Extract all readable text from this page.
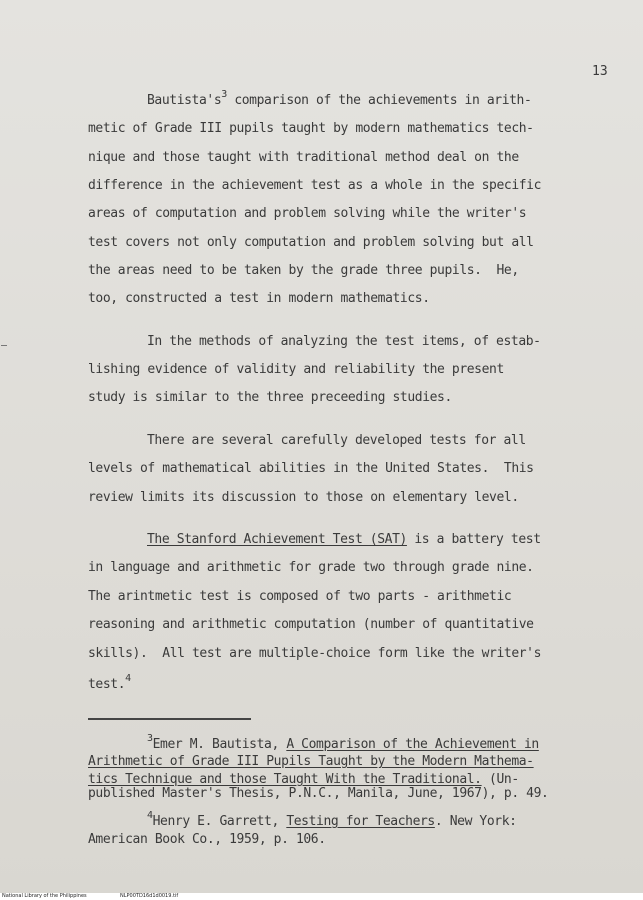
13
$Bautista's^3$ comparison of the achievements in arith-
metic of Grade III pupils taught by modern mathematics tech-
nique and those taught with traditional method deal on the
difference in the achievement test as a whole in the specific
areas of computation and problem solving while the writer's
test covers not only computation and problem solving but all
the areas need to be taken by the grade three pupils.  He,
too, constructed a test in modern mathematics.
In the methods of analyzing the test items, of estab-
lishing evidence of validity and reliability the present
study is similar to the three preceeding studies.
There are several carefully developed tests for all
levels of mathematical abilities in the United States.  This
review limits its discussion to those on elementary level.
The Stanford Achievement Test (SAT) is a battery test
in language and arithmetic for grade two through grade nine.
The arintmetic test is composed of two parts - arithmetic
reasoning and arithmetic computation (number of quantitative
skills).  All test are multiple-choice form like the writer's
test.$^4$
$^3$Emer M. Bautista, A Comparison of the Achievement in
Arithmetic of Grade III Pupils Taught by the Modern Mathema-
tics Technique and those Taught With the Traditional. (Un-
published Master's Thesis, P.N.C., Manila, June, 1967), p. 49.
$^4$Henry E. Garrett, Testing for Teachers. New York:
American Book Co., 1959, p. 106.
National Library of the Philippines	NLP00TD16d1d0019.tif
